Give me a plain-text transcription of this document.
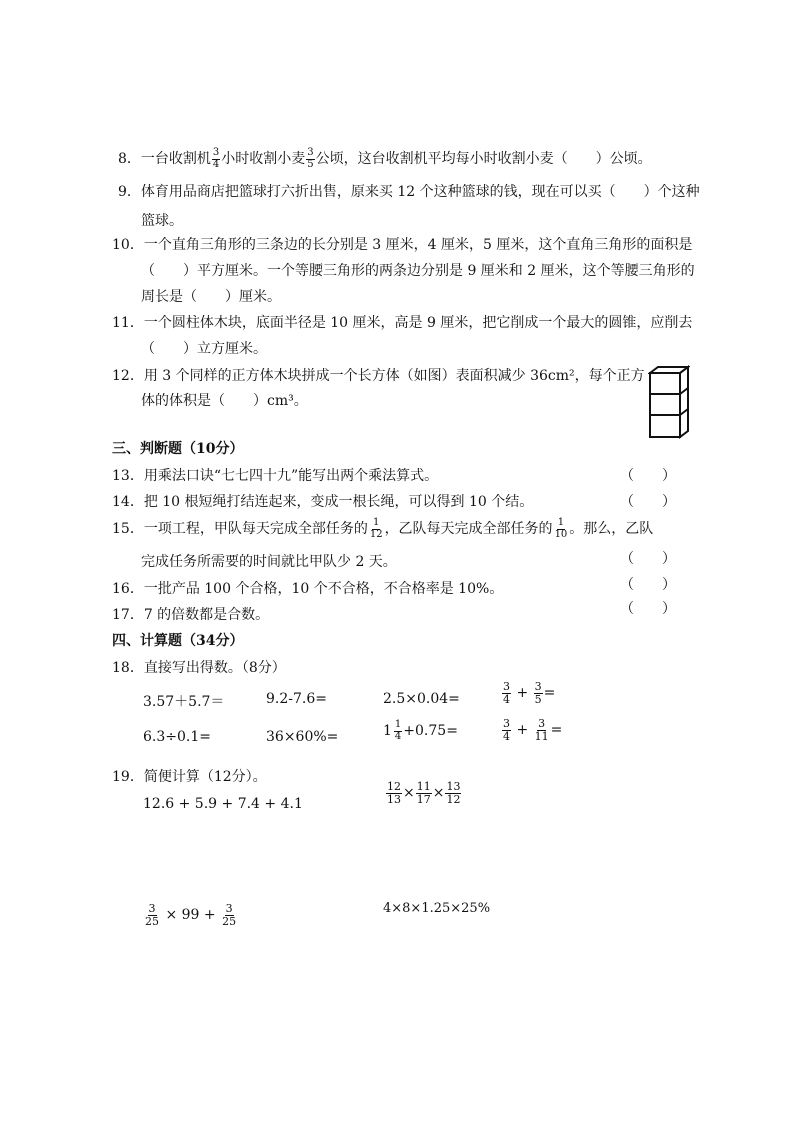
8．一台收割机 $\frac{3}{4}$ 小时收割小麦 $\frac{3}{5}$ 公顷，这台收割机平均每小时收割小麦（　　）公顷。
9．体育用品商店把篮球打六折出售，原来买 12 个这种篮球的钱，现在可以买（　　）个这种
篮球。
10．一个直角三角形的三条边的长分别是 3 厘米，4 厘米，5 厘米，这个直角三角形的面积是
（　　）平方厘米。一个等腰三角形的两条边分别是 9 厘米和 2 厘米，这个等腰三角形的
周长是（　　）厘米。
11．一个圆柱体木块，底面半径是 10 厘米，高是 9 厘米，把它削成一个最大的圆锥，应削去
（　　）立方厘米。
12．用 3 个同样的正方体木块拼成一个长方体（如图）表面积减少 36cm²，每个正方
体的体积是（　　）cm³。
三、判断题（10分）
13．用乘法口诀“七七四十九”能写出两个乘法算式。	（　　）
14．把 10 根短绳打结连起来，变成一根长绳，可以得到 10 个结。	（　　）
15．一项工程，甲队每天完成全部任务的 $\frac{1}{12}$ ，乙队每天完成全部任务的 $\frac{1}{10}$ 。那么，乙队
完成任务所需要的时间就比甲队少 2 天。	（　　）
16．一批产品 100 个合格，10 个不合格，不合格率是 10%。	（　　）
17．7 的倍数都是合数。	（　　）
四、计算题（34分）
18．直接写出得数。（8分）
3.57＋5.7＝	9.2-7.6=	2.5×0.04=	$\frac{3}{4} + \frac{3}{5}$ =
6.3÷0.1=	36×60%=	$1 \frac{1}{4} +0.75=$	$\frac{3}{4} + \frac{3}{11}$ =
19．简便计算（12分）。
12.6 + 5.9 + 7.4 + 4.1	$\frac{12}{13} \times \frac{11}{17} \times \frac{13}{12}$
$\frac{3}{25} \times 99 + \frac{3}{25}$	4×8×1.25×25%
